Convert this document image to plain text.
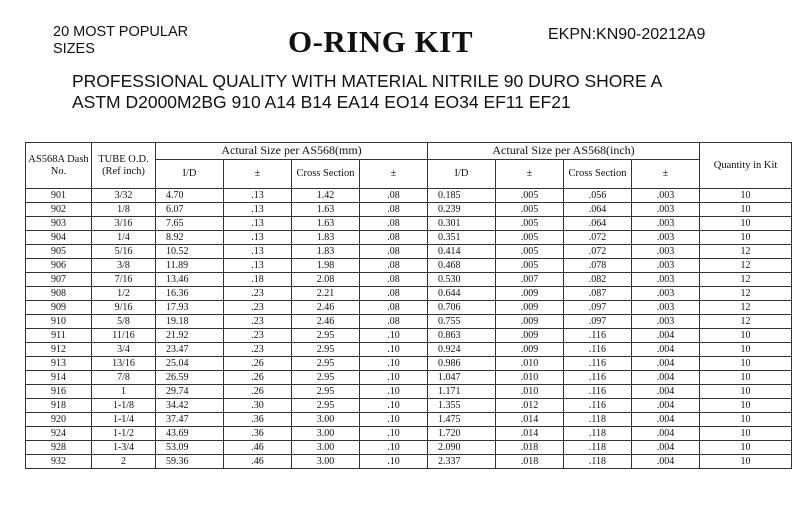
20 MOST POPULAR SIZES	O-RING KIT	EKPN:KN90-20212A9
PROFESSIONAL QUALITY WITH MATERIAL NITRILE 90 DURO SHORE A
ASTM D2000M2BG 910 A14 B14 EA14 EO14 EO34 EF11 EF21
AS568A Dash No.	TUBE O.D. (Ref inch)	Actural Size per AS568(mm)				Actural Size per AS568(inch)				Quantity in Kit
		I/D	±	Cross Section	±	I/D	±	Cross Section	±	
901	3/32	4.70	.13	1.42	.08	0.185	.005	.056	.003	10
902	1/8	6.07	.13	1.63	.08	0.239	.005	.064	.003	10
903	3/16	7.65	.13	1.63	.08	0.301	.005	.064	.003	10
904	1/4	8.92	.13	1.83	.08	0.351	.005	.072	.003	10
905	5/16	10.52	.13	1.83	.08	0.414	.005	.072	.003	12
906	3/8	11.89	.13	1.98	.08	0.468	.005	.078	.003	12
907	7/16	13.46	.18	2.08	.08	0.530	.007	.082	.003	12
908	1/2	16.36	.23	2.21	.08	0.644	.009	.087	.003	12
909	9/16	17.93	.23	2.46	.08	0.706	.009	.097	.003	12
910	5/8	19.18	.23	2.46	.08	0.755	.009	.097	.003	12
911	11/16	21.92	.23	2.95	.10	0.863	.009	.116	.004	10
912	3/4	23.47	.23	2.95	.10	0.924	.009	.116	.004	10
913	13/16	25.04	.26	2.95	.10	0.986	.010	.116	.004	10
914	7/8	26.59	.26	2.95	.10	1.047	.010	.116	.004	10
916	1	29.74	.26	2.95	.10	1.171	.010	.116	.004	10
918	1-1/8	34.42	.30	2.95	.10	1.355	.012	.116	.004	10
920	1-1/4	37.47	.36	3.00	.10	1.475	.014	.118	.004	10
924	1-1/2	43.69	.36	3.00	.10	1.720	.014	.118	.004	10
928	1-3/4	53.09	.46	3.00	.10	2.090	.018	.118	.004	10
932	2	59.36	.46	3.00	.10	2.337	.018	.118	.004	10
